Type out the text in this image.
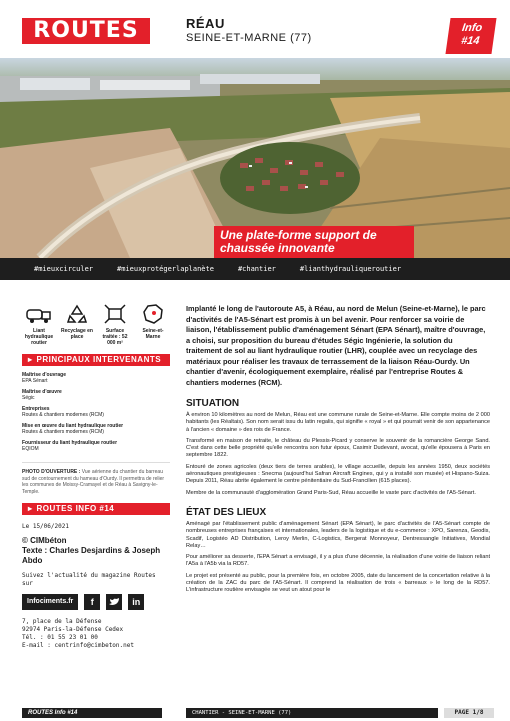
ROUTES	RÉAU
SEINE-ET-MARNE (77)
Info
#14
Une plate-forme support de chaussée innovante
#mieuxcirculer	#mieuxprotégerlaplanète	#chantier	#lianthydrauliqueroutier
Liant hydraulique routier
Recyclage en place
Surface traitée : 52 000 m²
Seine-et-Marne
▸ PRINCIPAUX INTERVENANTS
Maîtrise d'ouvrage
EPA Sénart
Maîtrise d'œuvre
Ségic
Entreprises
Routes & chantiers modernes (RCM)
Mise en œuvre du liant hydraulique routier
Routes & chantiers modernes (RCM)
Fournisseur du liant hydraulique routier
EQIOM
PHOTO D'OUVERTURE : Vue aérienne du chantier du barreau sud de contournement du hameau d'Ourdy. Il permettra de relier les communes de Moissy-Cramayel et de Réau à Savigny-le-Temple.
▸ ROUTES INFO #14
Le 15/06/2021
© CIMbéton
Texte : Charles Desjardins & Joseph Abdo
Suivez l'actualité du magazine Routes sur
Infociments.fr	f	in
7, place de la Défense
92974 Paris-la-Défense Cedex
Tél. : 01 55 23 01 00
E-mail : centrinfo@cimbeton.net

Implanté le long de l'autoroute A5, à Réau, au nord de Melun (Seine-et-Marne), le parc d'activités de l'A5-Sénart est promis à un bel avenir. Pour renforcer sa voirie de liaison, l'établissement public d'aménagement Sénart (EPA Sénart), maître d'ouvrage, a choisi, sur proposition du bureau d'études Ségic Ingénierie, la solution du traitement de sol au liant hydraulique routier (LHR), couplée avec un recyclage des matériaux pour réaliser les travaux de terrassement de la liaison Réau-Ourdy. Un chantier d'avenir, écologiquement exemplaire, réalisé par l'entreprise Routes & chantiers modernes (RCM).

SITUATION

À environ 10 kilomètres au nord de Melun, Réau est une commune rurale de Seine-et-Marne. Elle compte moins de 2 000 habitants (les Réaltais). Son nom serait issu du latin regalis, qui signifie « royal » et qui pourrait venir de son appartenance à l'ancien « domaine » des rois de France.

Transformé en maison de retraite, le château du Plessis-Picard y conserve le souvenir de la romancière George Sand. C'est dans cette belle propriété qu'elle rencontra son futur époux, Casimir Dudevant, avocat, qu'elle épousera à Paris en septembre 1822.

Entouré de zones agricoles (deux tiers de terres arables), le village accueille, depuis les années 1950, deux sociétés aéronautiques prestigieuses : Snecma (aujourd'hui Safran Aircraft Engines, qui y a installé son musée) et Hispano-Suiza. Depuis 2011, Réau abrite également le centre pénitentiaire du Sud-Francilien (615 places).

Membre de la communauté d'agglomération Grand Paris-Sud, Réau accueille le vaste parc d'activités de l'A5-Sénart.

ÉTAT DES LIEUX

Aménagé par l'établissement public d'aménagement Sénart (EPA Sénart), le parc d'activités de l'A5-Sénart compte de nombreuses entreprises françaises et internationales, leaders de la logistique et du e-commerce : XPO, Sarenza, Geodis, Scadif, Logistéo AD Distribution, Leroy Merlin, C-Logistics, Bergerat Monnoyeur, Dentressangle Initiatives, Mondial Relay…

Pour améliorer sa desserte, l'EPA Sénart a envisagé, il y a plus d'une décennie, la réalisation d'une voirie de liaison reliant l'A5a à l'A5b via la RD57.

Le projet est présenté au public, pour la première fois, en octobre 2005, date du lancement de la concertation relative à la création de la ZAC du parc de l'A5-Sénart. Il comprend la réalisation de trois « barreaux » le long de la RD57. L'infrastructure routière envisagée se veut un atout pour le

ROUTES Info #14	CHANTIER - SEINE-ET-MARNE (77)	PAGE 1/8
